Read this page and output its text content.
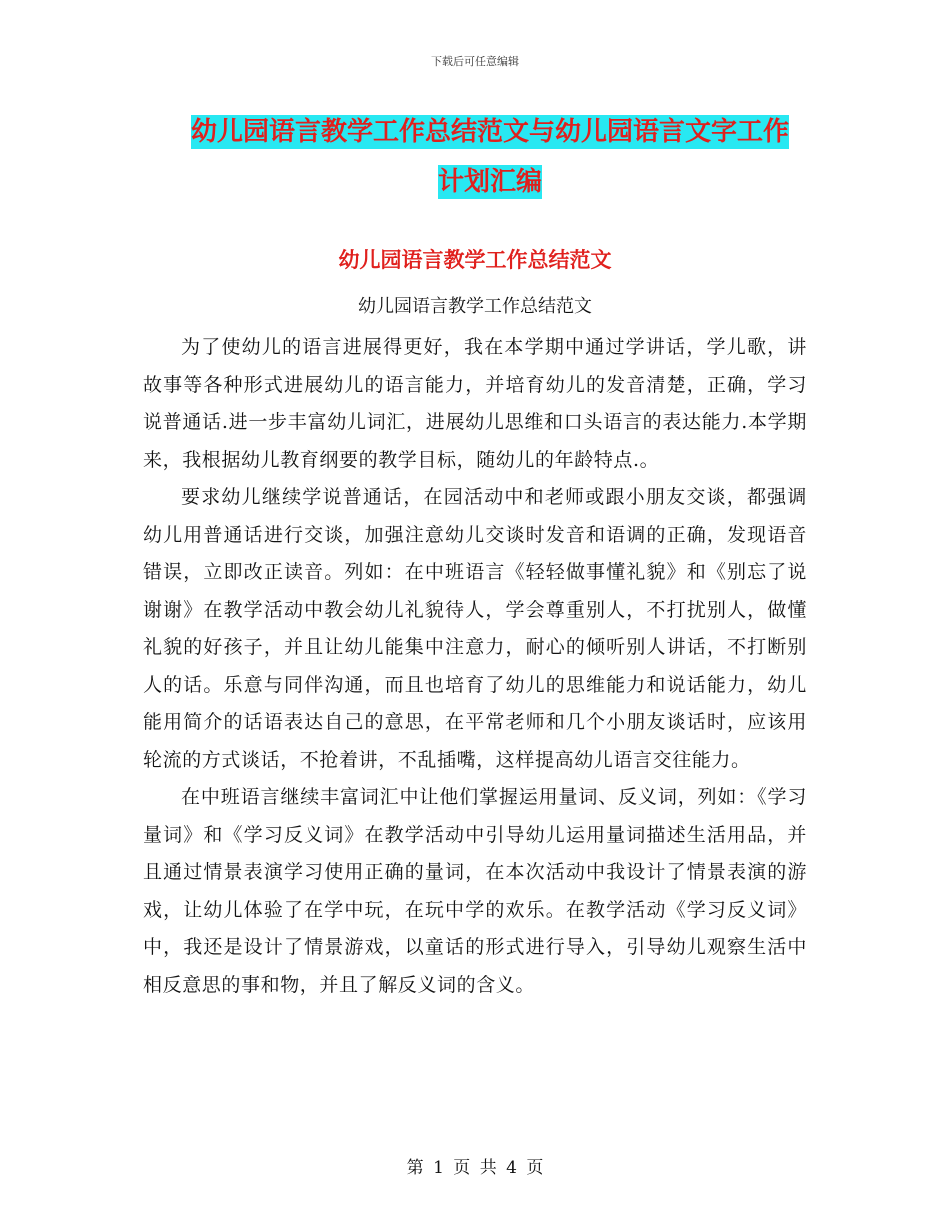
下载后可任意编辑
幼儿园语言教学工作总结范文与幼儿园语言文字工作
计划汇编
幼儿园语言教学工作总结范文
幼儿园语言教学工作总结范文

为了使幼儿的语言进展得更好，我在本学期中通过学讲话，学儿歌，讲故事等各种形式进展幼儿的语言能力，并培育幼儿的发音清楚，正确，学习说普通话.进一步丰富幼儿词汇，进展幼儿思维和口头语言的表达能力.本学期来，我根据幼儿教育纲要的教学目标，随幼儿的年龄特点.。

要求幼儿继续学说普通话，在园活动中和老师或跟小朋友交谈，都强调幼儿用普通话进行交谈，加强注意幼儿交谈时发音和语调的正确，发现语音错误，立即改正读音。列如：在中班语言《轻轻做事懂礼貌》和《别忘了说谢谢》在教学活动中教会幼儿礼貌待人，学会尊重别人，不打扰别人，做懂礼貌的好孩子，并且让幼儿能集中注意力，耐心的倾听别人讲话，不打断别人的话。乐意与同伴沟通，而且也培育了幼儿的思维能力和说话能力，幼儿能用简介的话语表达自己的意思，在平常老师和几个小朋友谈话时，应该用轮流的方式谈话，不抢着讲，不乱插嘴，这样提高幼儿语言交往能力。

在中班语言继续丰富词汇中让他们掌握运用量词、反义词，列如：《学习量词》和《学习反义词》在教学活动中引导幼儿运用量词描述生活用品，并且通过情景表演学习使用正确的量词，在本次活动中我设计了情景表演的游戏，让幼儿体验了在学中玩，在玩中学的欢乐。在教学活动《学习反义词》中，我还是设计了情景游戏，以童话的形式进行导入，引导幼儿观察生活中相反意思的事和物，并且了解反义词的含义。

第 1 页 共 4 页
